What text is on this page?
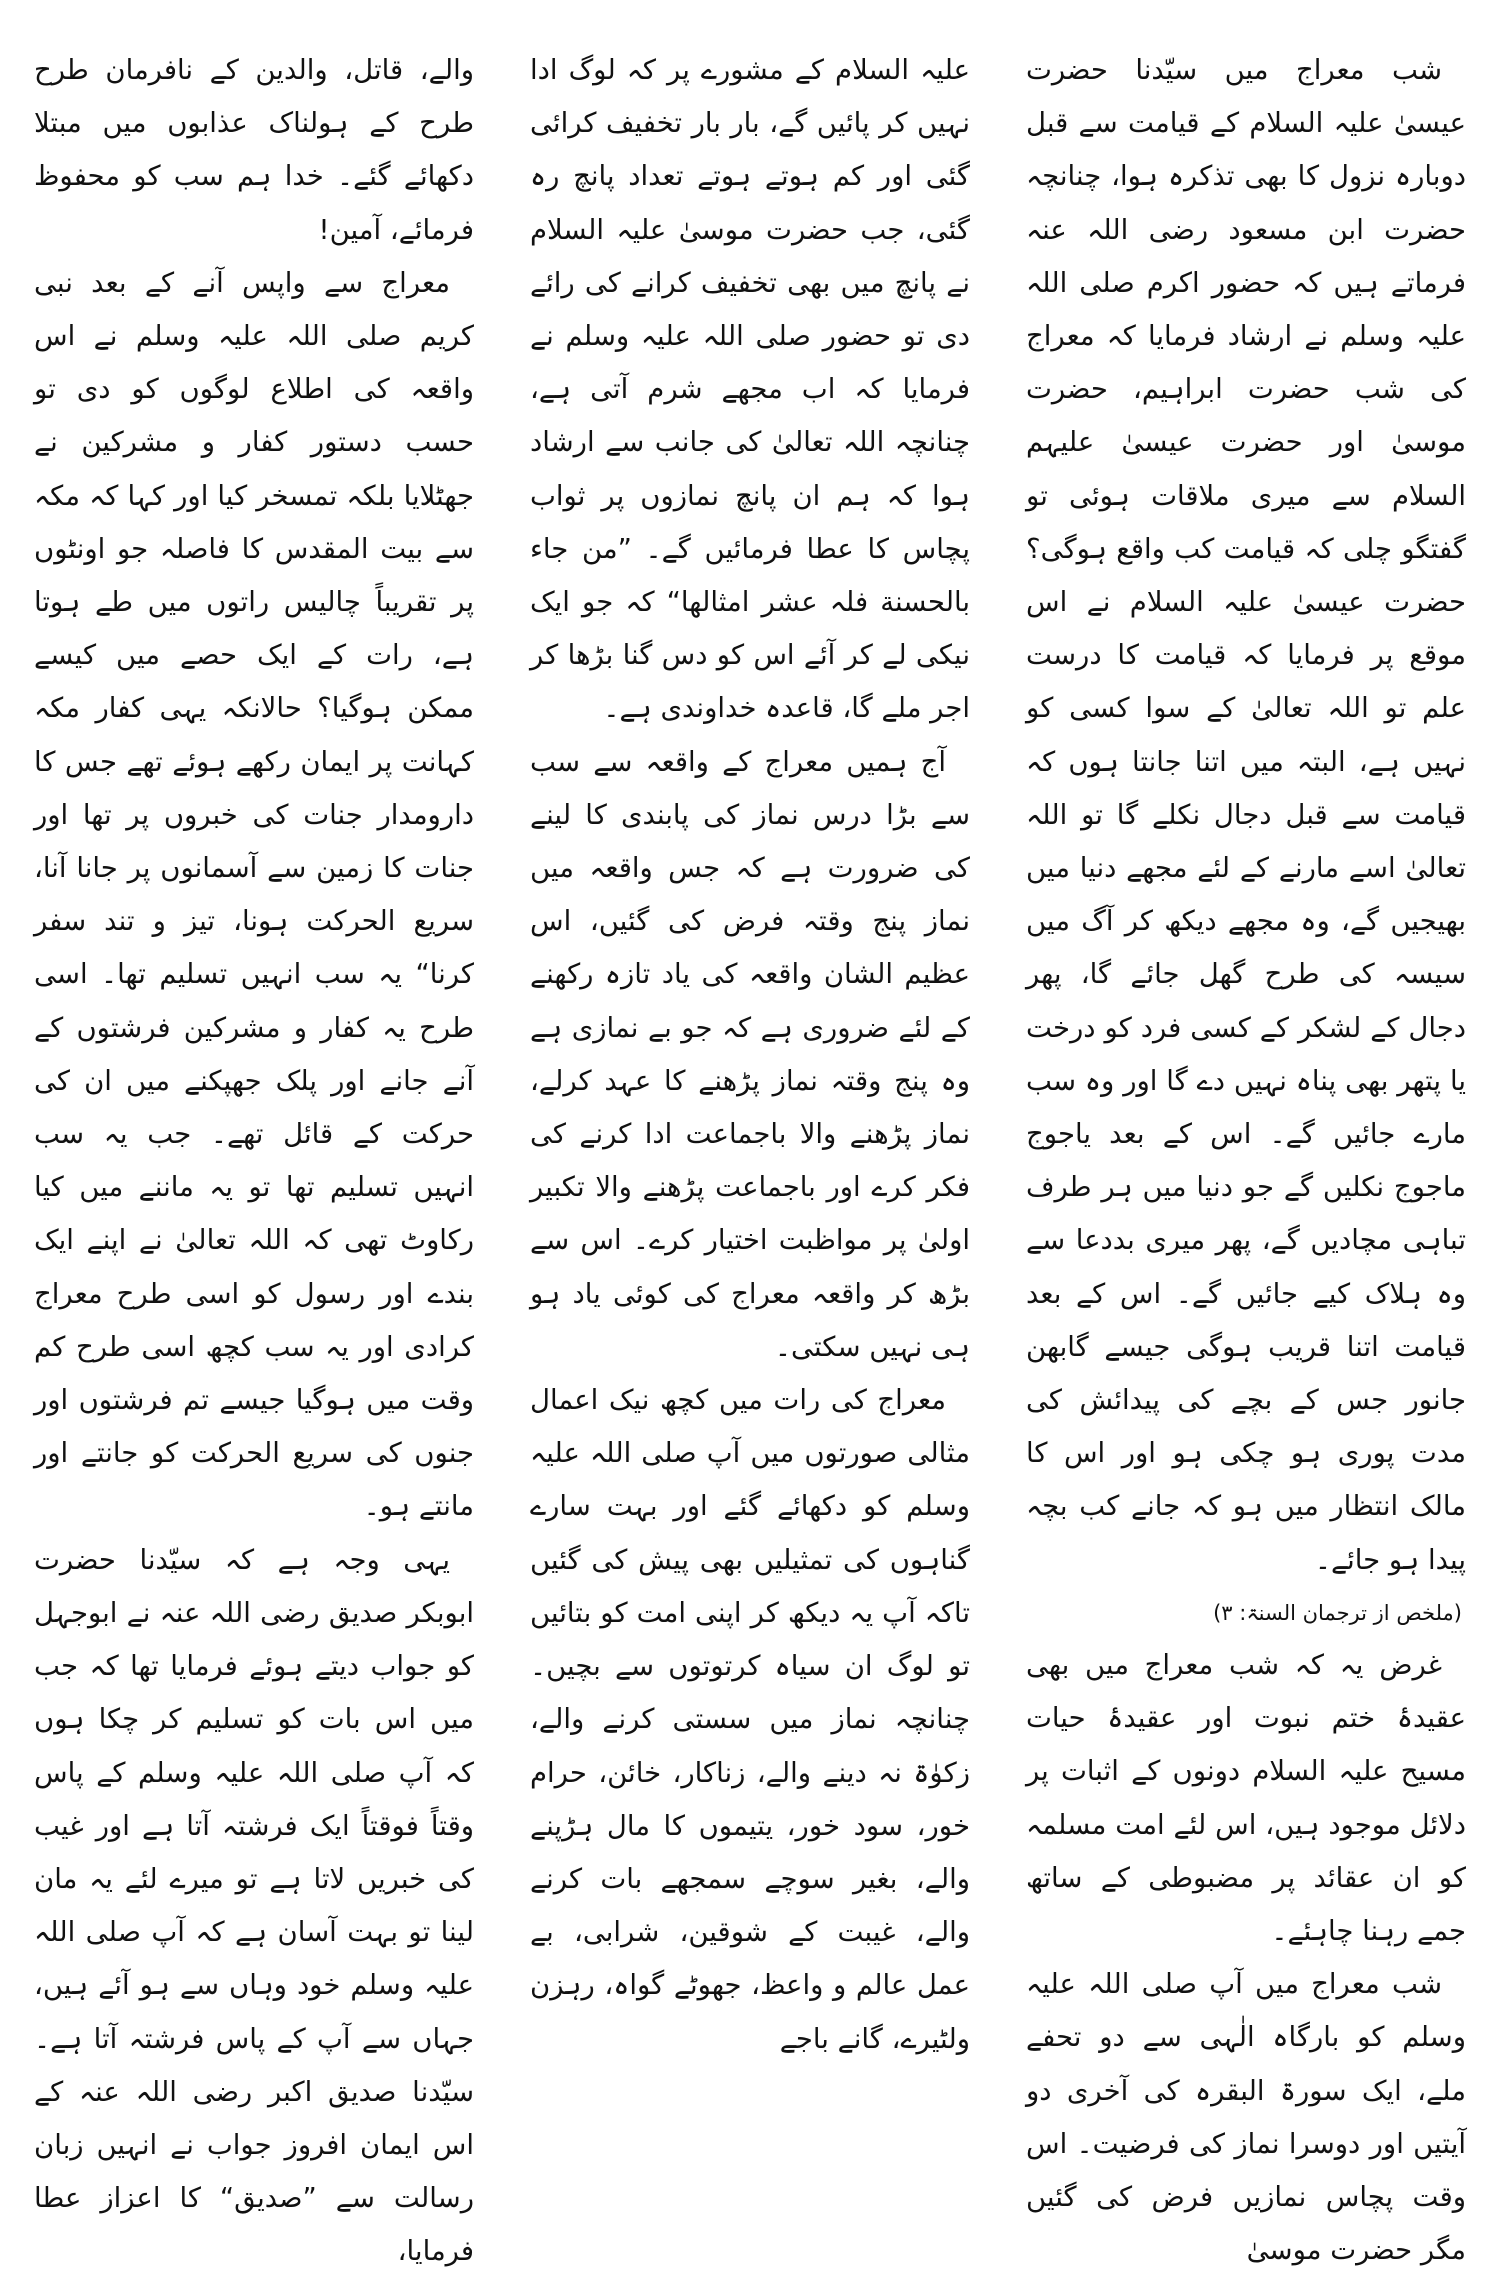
شب معراج میں سیّدنا حضرت عیسیٰ علیہ السلام کے قیامت سے قبل دوبارہ نزول کا بھی تذکرہ ہوا، چنانچہ حضرت ابن مسعود رضی اللہ عنہ فرماتے ہیں کہ حضور اکرم صلی اللہ علیہ وسلم نے ارشاد فرمایا کہ معراج کی شب حضرت ابراہیم، حضرت موسیٰ اور حضرت عیسیٰ علیہم السلام سے میری ملاقات ہوئی تو گفتگو چلی کہ قیامت کب واقع ہوگی؟ حضرت عیسیٰ علیہ السلام نے اس موقع پر فرمایا کہ قیامت کا درست علم تو اللہ تعالیٰ کے سوا کسی کو نہیں ہے، البتہ میں اتنا جانتا ہوں کہ قیامت سے قبل دجال نکلے گا تو اللہ تعالیٰ اسے مارنے کے لئے مجھے دنیا میں بھیجیں گے، وہ مجھے دیکھ کر آگ میں سیسہ کی طرح گھل جائے گا، پھر دجال کے لشکر کے کسی فرد کو درخت یا پتھر بھی پناہ نہیں دے گا اور وہ سب مارے جائیں گے۔ اس کے بعد یاجوج ماجوج نکلیں گے جو دنیا میں ہر طرف تباہی مچادیں گے، پھر میری بددعا سے وہ ہلاک کیے جائیں گے۔ اس کے بعد قیامت اتنا قریب ہوگی جیسے گابھن جانور جس کے بچے کی پیدائش کی مدت پوری ہو چکی ہو اور اس کا مالک انتظار میں ہو کہ جانے کب بچہ پیدا ہو جائے۔

(ملخص از ترجمان السنۃ: ۳)

غرض یہ کہ شب معراج میں بھی عقیدۂ ختم نبوت اور عقیدۂ حیات مسیح علیہ السلام دونوں کے اثبات پر دلائل موجود ہیں، اس لئے امت مسلمہ کو ان عقائد پر مضبوطی کے ساتھ جمے رہنا چاہئے۔

شب معراج میں آپ صلی اللہ علیہ وسلم کو بارگاہ الٰہی سے دو تحفے ملے، ایک سورۃ البقرہ کی آخری دو آیتیں اور دوسرا نماز کی فرضیت۔ اس وقت پچاس نمازیں فرض کی گئیں مگر حضرت موسیٰ

علیہ السلام کے مشورے پر کہ لوگ ادا نہیں کر پائیں گے، بار بار تخفیف کرائی گئی اور کم ہوتے ہوتے تعداد پانچ رہ گئی، جب حضرت موسیٰ علیہ السلام نے پانچ میں بھی تخفیف کرانے کی رائے دی تو حضور صلی اللہ علیہ وسلم نے فرمایا کہ اب مجھے شرم آتی ہے، چنانچہ اللہ تعالیٰ کی جانب سے ارشاد ہوا کہ ہم ان پانچ نمازوں پر ثواب پچاس کا عطا فرمائیں گے۔ ”من جاء بالحسنة فلہ عشر امثالھا“ کہ جو ایک نیکی لے کر آئے اس کو دس گنا بڑھا کر اجر ملے گا، قاعدہ خداوندی ہے۔

آج ہمیں معراج کے واقعہ سے سب سے بڑا درس نماز کی پابندی کا لینے کی ضرورت ہے کہ جس واقعہ میں نماز پنج وقتہ فرض کی گئیں، اس عظیم الشان واقعہ کی یاد تازہ رکھنے کے لئے ضروری ہے کہ جو بے نمازی ہے وہ پنج وقتہ نماز پڑھنے کا عہد کرلے، نماز پڑھنے والا باجماعت ادا کرنے کی فکر کرے اور باجماعت پڑھنے والا تکبیر اولیٰ پر مواظبت اختیار کرے۔ اس سے بڑھ کر واقعہ معراج کی کوئی یاد ہو ہی نہیں سکتی۔

معراج کی رات میں کچھ نیک اعمال مثالی صورتوں میں آپ صلی اللہ علیہ وسلم کو دکھائے گئے اور بہت سارے گناہوں کی تمثیلیں بھی پیش کی گئیں تاکہ آپ یہ دیکھ کر اپنی امت کو بتائیں تو لوگ ان سیاہ کرتوتوں سے بچیں۔ چنانچہ نماز میں سستی کرنے والے، زکوٰۃ نہ دینے والے، زناکار، خائن، حرام خور، سود خور، یتیموں کا مال ہڑپنے والے، بغیر سوچے سمجھے بات کرنے والے، غیبت کے شوقین، شرابی، بے عمل عالم و واعظ، جھوٹے گواہ، رہزن ولٹیرے، گانے باجے

والے، قاتل، والدین کے نافرمان طرح طرح کے ہولناک عذابوں میں مبتلا دکھائے گئے۔ خدا ہم سب کو محفوظ فرمائے، آمین!

معراج سے واپس آنے کے بعد نبی کریم صلی اللہ علیہ وسلم نے اس واقعہ کی اطلاع لوگوں کو دی تو حسب دستور کفار و مشرکین نے جھٹلایا بلکہ تمسخر کیا اور کہا کہ مکہ سے بیت المقدس کا فاصلہ جو اونٹوں پر تقریباً چالیس راتوں میں طے ہوتا ہے، رات کے ایک حصے میں کیسے ممکن ہوگیا؟ حالانکہ یہی کفار مکہ کہانت پر ایمان رکھے ہوئے تھے جس کا دارومدار جنات کی خبروں پر تھا اور جنات کا زمین سے آسمانوں پر جانا آنا، سریع الحرکت ہونا، تیز و تند سفر کرنا“ یہ سب انہیں تسلیم تھا۔ اسی طرح یہ کفار و مشرکین فرشتوں کے آنے جانے اور پلک جھپکنے میں ان کی حرکت کے قائل تھے۔ جب یہ سب انہیں تسلیم تھا تو یہ ماننے میں کیا رکاوٹ تھی کہ اللہ تعالیٰ نے اپنے ایک بندے اور رسول کو اسی طرح معراج کرادی اور یہ سب کچھ اسی طرح کم وقت میں ہوگیا جیسے تم فرشتوں اور جنوں کی سریع الحرکت کو جانتے اور مانتے ہو۔

یہی وجہ ہے کہ سیّدنا حضرت ابوبکر صدیق رضی اللہ عنہ نے ابوجہل کو جواب دیتے ہوئے فرمایا تھا کہ جب میں اس بات کو تسلیم کر چکا ہوں کہ آپ صلی اللہ علیہ وسلم کے پاس وقتاً فوقتاً ایک فرشتہ آتا ہے اور غیب کی خبریں لاتا ہے تو میرے لئے یہ مان لینا تو بہت آسان ہے کہ آپ صلی اللہ علیہ وسلم خود وہاں سے ہو آئے ہیں، جہاں سے آپ کے پاس فرشتہ آتا ہے۔ سیّدنا صدیق اکبر رضی اللہ عنہ کے اس ایمان افروز جواب نے انہیں زبان رسالت سے ”صدیق“ کا اعزاز عطا فرمایا،
